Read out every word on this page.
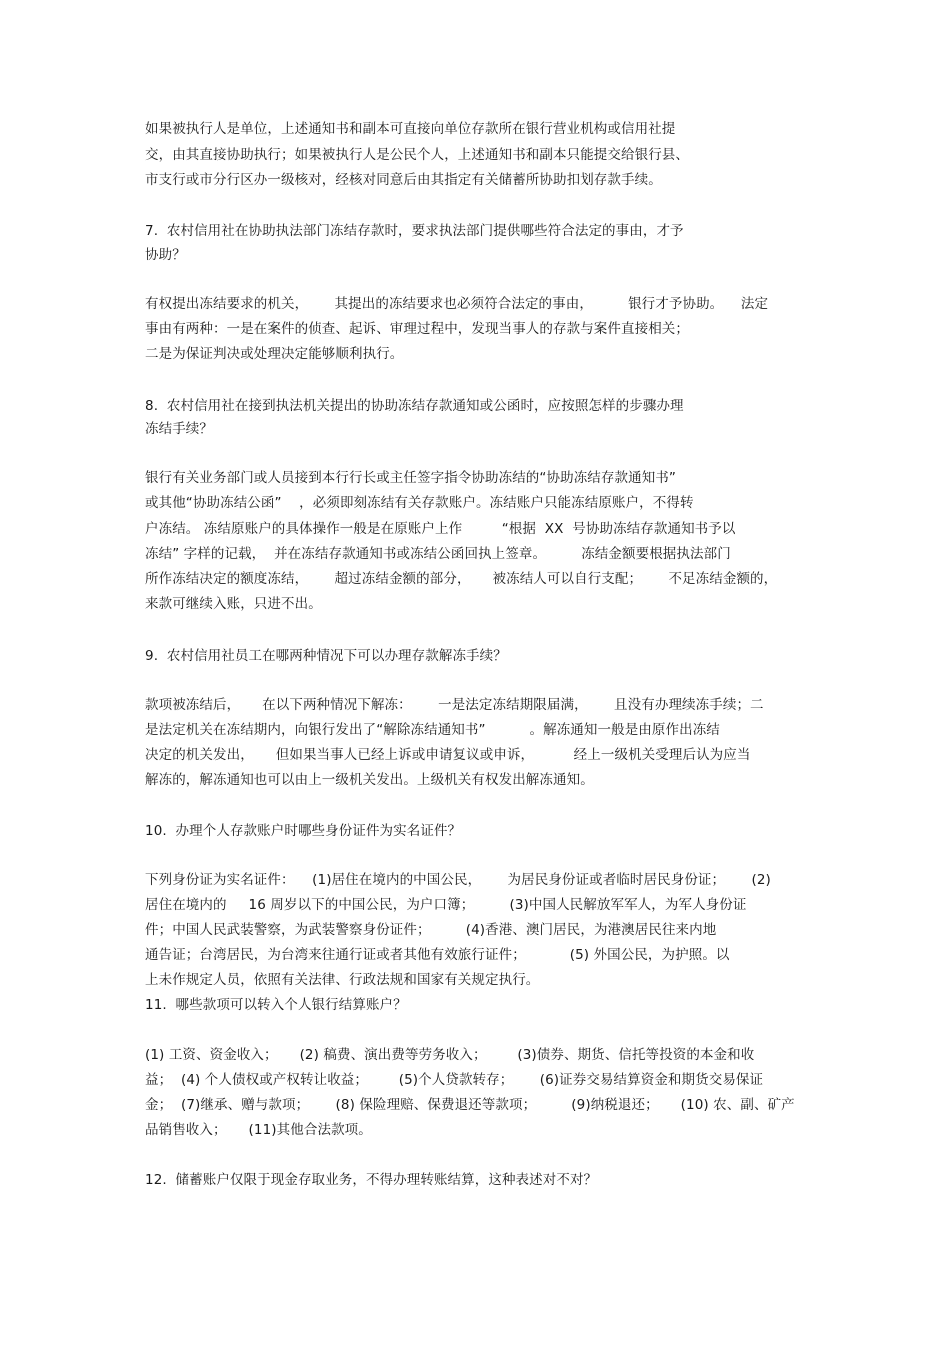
如果被执行人是单位，上述通知书和副本可直接向单位存款所在银行营业机构或信用社提
交，由其直接协助执行；如果被执行人是公民个人，上述通知书和副本只能提交给银行县、
市支行或市分行区办一级核对，经核对同意后由其指定有关储蓄所协助扣划存款手续。
7.  农村信用社在协助执法部门冻结存款时，要求执法部门提供哪些符合法定的事由，才予
协助？
有权提出冻结要求的机关，      其提出的冻结要求也必须符合法定的事由，        银行才予协助。    法定
事由有两种：一是在案件的侦查、起诉、审理过程中，发现当事人的存款与案件直接相关；
二是为保证判决或处理决定能够顺利执行。
8.  农村信用社在接到执法机关提出的协助冻结存款通知或公函时，应按照怎样的步骤办理
冻结手续？
银行有关业务部门或人员接到本行行长或主任签字指令协助冻结的“协助冻结存款通知书”
或其他“协助冻结公函”    ，必须即刻冻结有关存款账户。冻结账户只能冻结原账户，不得转
户冻结。 冻结原账户的具体操作一般是在原账户上作         “根据  XX  号协助冻结存款通知书予以
冻结” 字样的记载，  并在冻结存款通知书或冻结公函回执上签章。        冻结金额要根据执法部门
所作冻结决定的额度冻结，      超过冻结金额的部分，     被冻结人可以自行支配；      不足冻结金额的，
来款可继续入账，只进不出。
9.  农村信用社员工在哪两种情况下可以办理存款解冻手续？
款项被冻结后，     在以下两种情况下解冻：      一是法定冻结期限届满，      且没有办理续冻手续；二
是法定机关在冻结期内，向银行发出了“解除冻结通知书”          。解冻通知一般是由原作出冻结
决定的机关发出，     但如果当事人已经上诉或申请复议或申诉，         经上一级机关受理后认为应当
解冻的，解冻通知也可以由上一级机关发出。上级机关有权发出解冻通知。
10.  办理个人存款账户时哪些身份证件为实名证件？
下列身份证为实名证件：    (1)居住在境内的中国公民，      为居民身份证或者临时居民身份证；      (2)
居住在境内的     16 周岁以下的中国公民，为户口簿；        (3)中国人民解放军军人，为军人身份证
件；中国人民武装警察，为武装警察身份证件；        (4)香港、澳门居民，为港澳居民往来内地
通告证；台湾居民，为台湾来往通行证或者其他有效旅行证件；          (5) 外国公民，为护照。以
上未作规定人员，依照有关法律、行政法规和国家有关规定执行。
11.  哪些款项可以转入个人银行结算账户？
(1) 工资、资金收入；     (2) 稿费、演出费等劳务收入；       (3)债券、期货、信托等投资的本金和收
益；  (4) 个人债权或产权转让收益；       (5)个人贷款转存；      (6)证券交易结算资金和期货交易保证
金；  (7)继承、赠与款项；      (8) 保险理赔、保费退还等款项；        (9)纳税退还；     (10) 农、副、矿产
品销售收入；     (11)其他合法款项。
12.  储蓄账户仅限于现金存取业务，不得办理转账结算，这种表述对不对？
